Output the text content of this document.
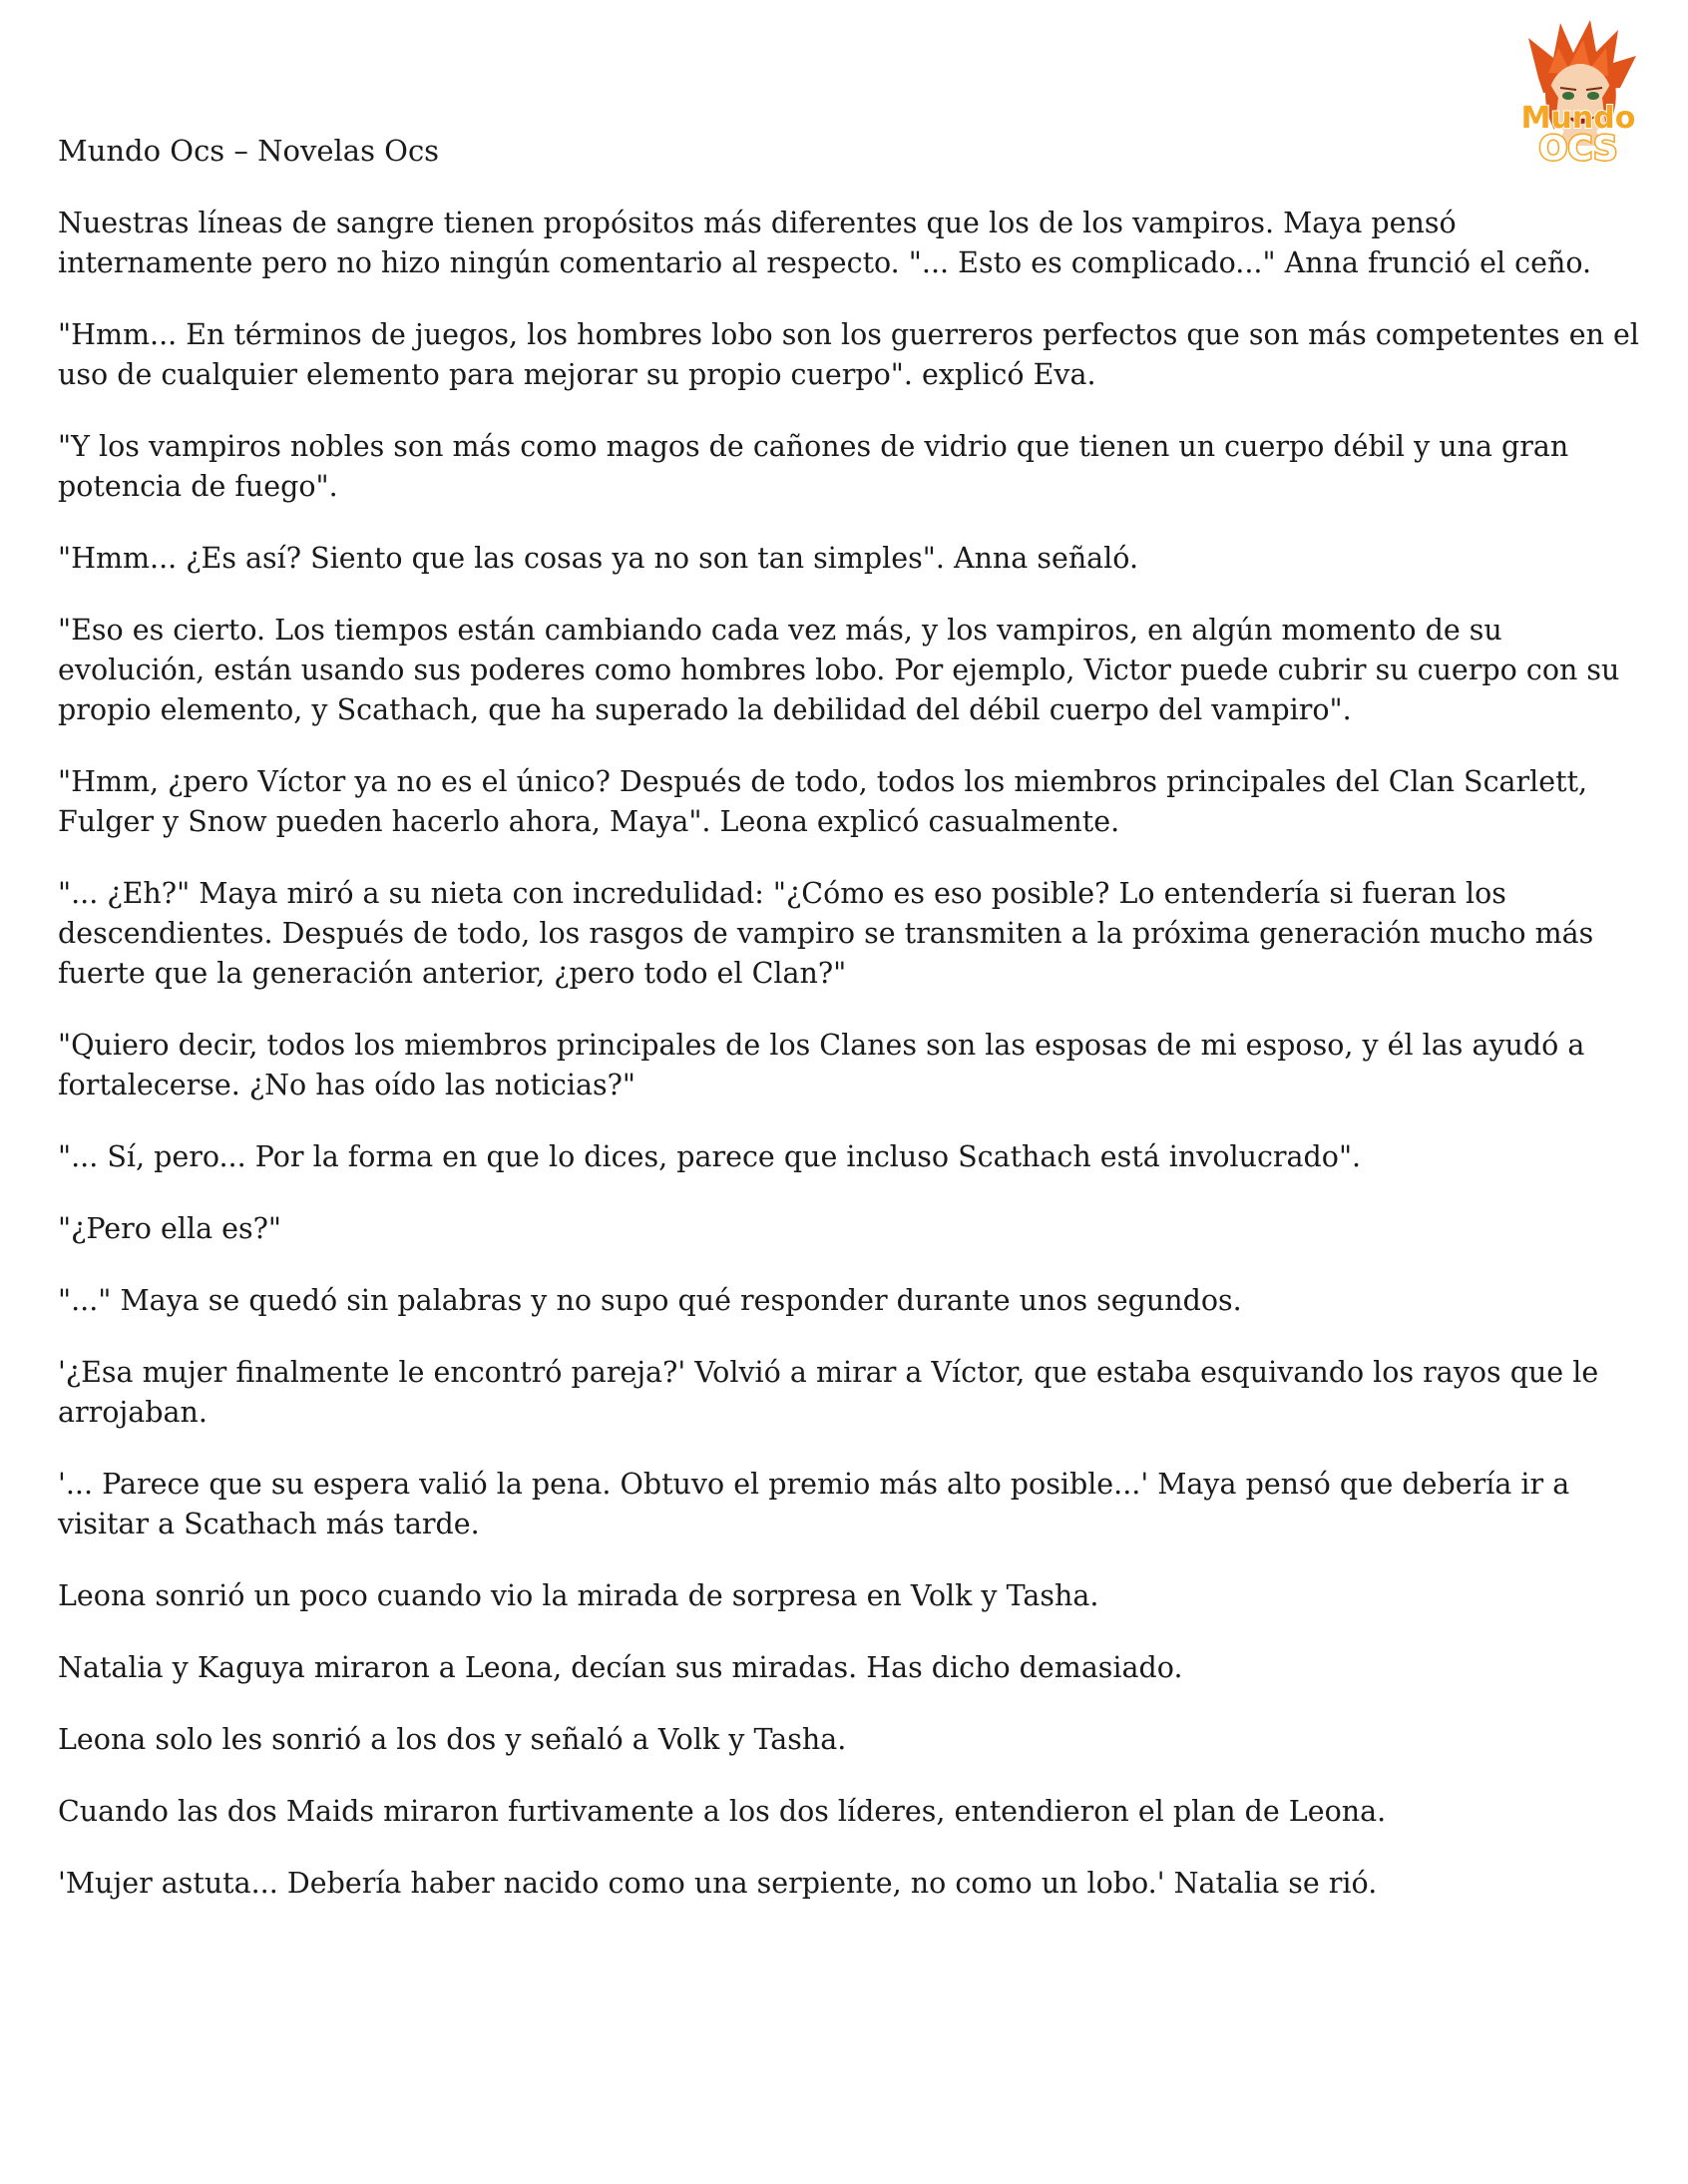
Mundo Ocs – Novelas Ocs
Mundo
OCS

Nuestras líneas de sangre tienen propósitos más diferentes que los de los vampiros. Maya pensó internamente pero no hizo ningún comentario al respecto. "... Esto es complicado..." Anna frunció el ceño.

"Hmm... En términos de juegos, los hombres lobo son los guerreros perfectos que son más competentes en el uso de cualquier elemento para mejorar su propio cuerpo". explicó Eva.

"Y los vampiros nobles son más como magos de cañones de vidrio que tienen un cuerpo débil y una gran potencia de fuego".

"Hmm... ¿Es así? Siento que las cosas ya no son tan simples". Anna señaló.

"Eso es cierto. Los tiempos están cambiando cada vez más, y los vampiros, en algún momento de su evolución, están usando sus poderes como hombres lobo. Por ejemplo, Victor puede cubrir su cuerpo con su propio elemento, y Scathach, que ha superado la debilidad del débil cuerpo del vampiro".

"Hmm, ¿pero Víctor ya no es el único? Después de todo, todos los miembros principales del Clan Scarlett, Fulger y Snow pueden hacerlo ahora, Maya". Leona explicó casualmente.

"... ¿Eh?" Maya miró a su nieta con incredulidad: "¿Cómo es eso posible? Lo entendería si fueran los descendientes. Después de todo, los rasgos de vampiro se transmiten a la próxima generación mucho más fuerte que la generación anterior, ¿pero todo el Clan?"

"Quiero decir, todos los miembros principales de los Clanes son las esposas de mi esposo, y él las ayudó a fortalecerse. ¿No has oído las noticias?"

"... Sí, pero... Por la forma en que lo dices, parece que incluso Scathach está involucrado".

"¿Pero ella es?"

"..." Maya se quedó sin palabras y no supo qué responder durante unos segundos.

'¿Esa mujer finalmente le encontró pareja?' Volvió a mirar a Víctor, que estaba esquivando los rayos que le arrojaban.

'... Parece que su espera valió la pena. Obtuvo el premio más alto posible...' Maya pensó que debería ir a visitar a Scathach más tarde.

Leona sonrió un poco cuando vio la mirada de sorpresa en Volk y Tasha.

Natalia y Kaguya miraron a Leona, decían sus miradas. Has dicho demasiado.

Leona solo les sonrió a los dos y señaló a Volk y Tasha.

Cuando las dos Maids miraron furtivamente a los dos líderes, entendieron el plan de Leona.

'Mujer astuta... Debería haber nacido como una serpiente, no como un lobo.' Natalia se rió.
